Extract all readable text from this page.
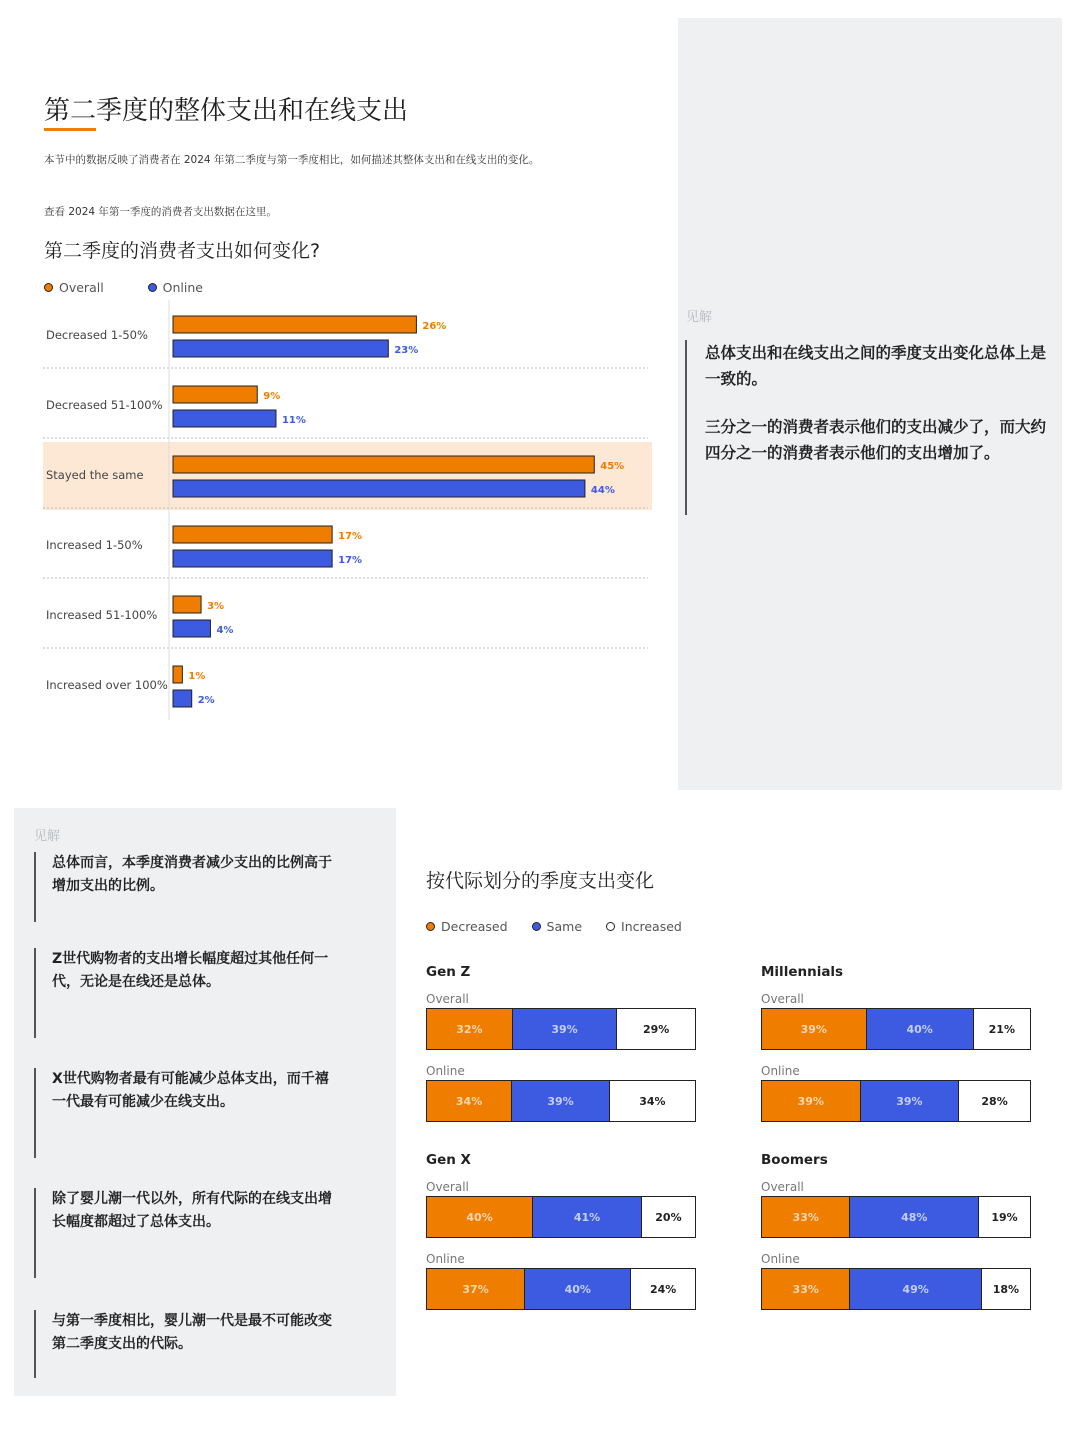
见解

总体支出和在线支出之间的季度支出变化总体上是一致的。

三分之一的消费者表示他们的支出减少了，而大约四分之一的消费者表示他们的支出增加了。

第二季度的整体支出和在线支出
本节中的数据反映了消费者在 2024 年第二季度与第一季度相比，如何描述其整体支出和在线支出的变化。
查看 2024 年第一季度的消费者支出数据在这里。
第二季度的消费者支出如何变化?
Overall	Online
Decreased 1-50%
26%
23%
Decreased 51-100%
9%
11%
Stayed the same
45%
44%
Increased 1-50%
17%
17%
Increased 51-100%
3%
4%
Increased over 100%
1%
2%
见解

总体而言，本季度消费者减少支出的比例高于增加支出的比例。

Z世代购物者的支出增长幅度超过其他任何一代，无论是在线还是总体。

X世代购物者最有可能减少总体支出，而千禧一代最有可能减少在线支出。

除了婴儿潮一代以外，所有代际的在线支出增长幅度都超过了总体支出。

与第一季度相比，婴儿潮一代是最不可能改变第二季度支出的代际。

按代际划分的季度支出变化
Decreased	Same	Increased
Gen Z
Overall
32%	39%	29%
Online
34%	39%	34%
Millennials
Overall
39%	40%	21%
Online
39%	39%	28%
Gen X
Overall
40%	41%	20%
Online
37%	40%	24%
Boomers
Overall
33%	48%	19%
Online
33%	49%	18%
